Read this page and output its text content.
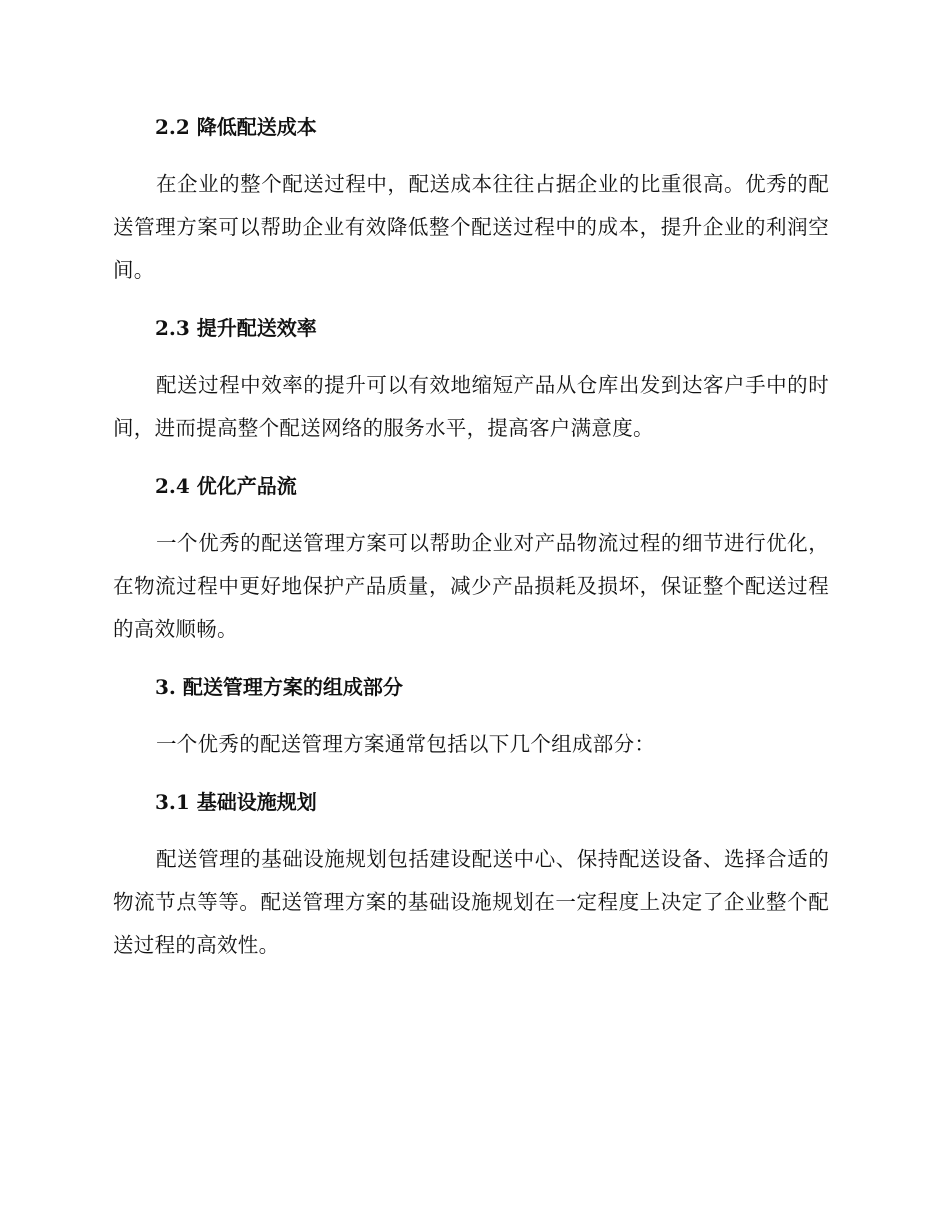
2.2 降低配送成本

在企业的整个配送过程中，配送成本往往占据企业的比重很高。优秀的配送管理方案可以帮助企业有效降低整个配送过程中的成本，提升企业的利润空间。

2.3 提升配送效率

配送过程中效率的提升可以有效地缩短产品从仓库出发到达客户手中的时间，进而提高整个配送网络的服务水平，提高客户满意度。

2.4 优化产品流

一个优秀的配送管理方案可以帮助企业对产品物流过程的细节进行优化，在物流过程中更好地保护产品质量，减少产品损耗及损坏，保证整个配送过程的高效顺畅。

3. 配送管理方案的组成部分

一个优秀的配送管理方案通常包括以下几个组成部分：

3.1 基础设施规划

配送管理的基础设施规划包括建设配送中心、保持配送设备、选择合适的物流节点等等。配送管理方案的基础设施规划在一定程度上决定了企业整个配送过程的高效性。
